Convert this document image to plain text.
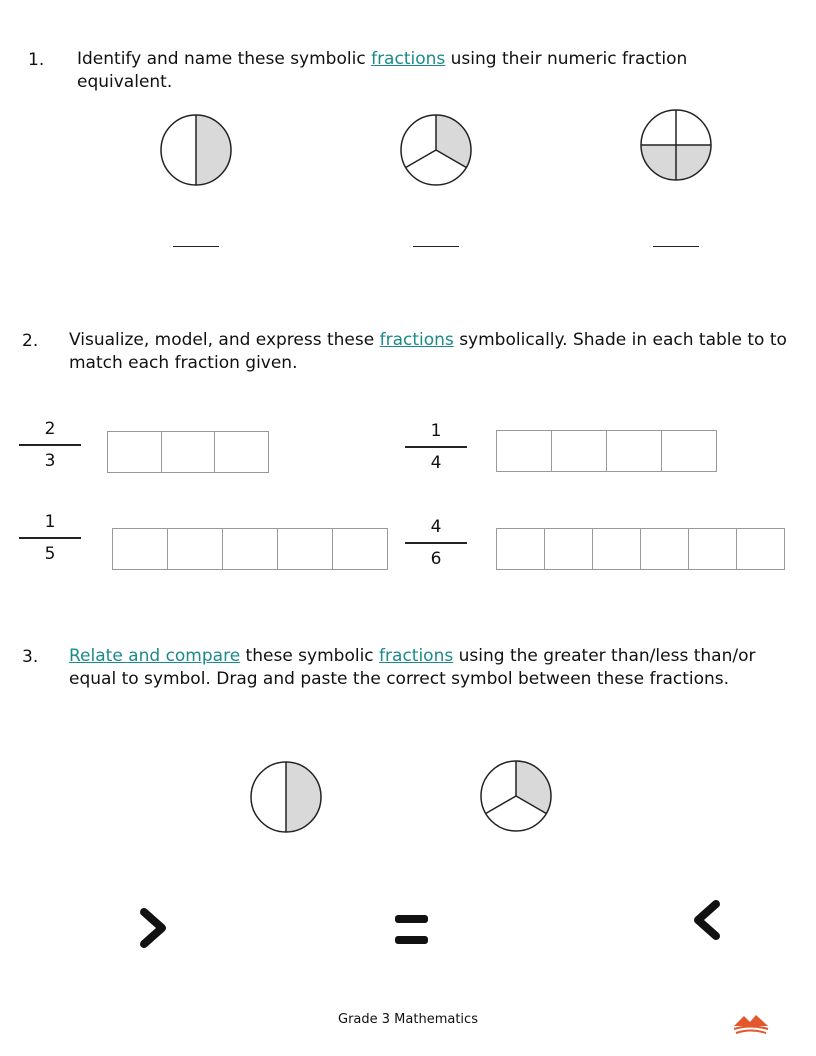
1. Identify and name these symbolic fractions using their numeric fraction equivalent.
2. Visualize, model, and express these fractions symbolically. Shade in each table to to match each fraction given.
2
3
1
4
1
5
4
6
3. Relate and compare these symbolic fractions using the greater than/less than/or equal to symbol. Drag and paste the correct symbol between these fractions.
Grade 3 Mathematics
